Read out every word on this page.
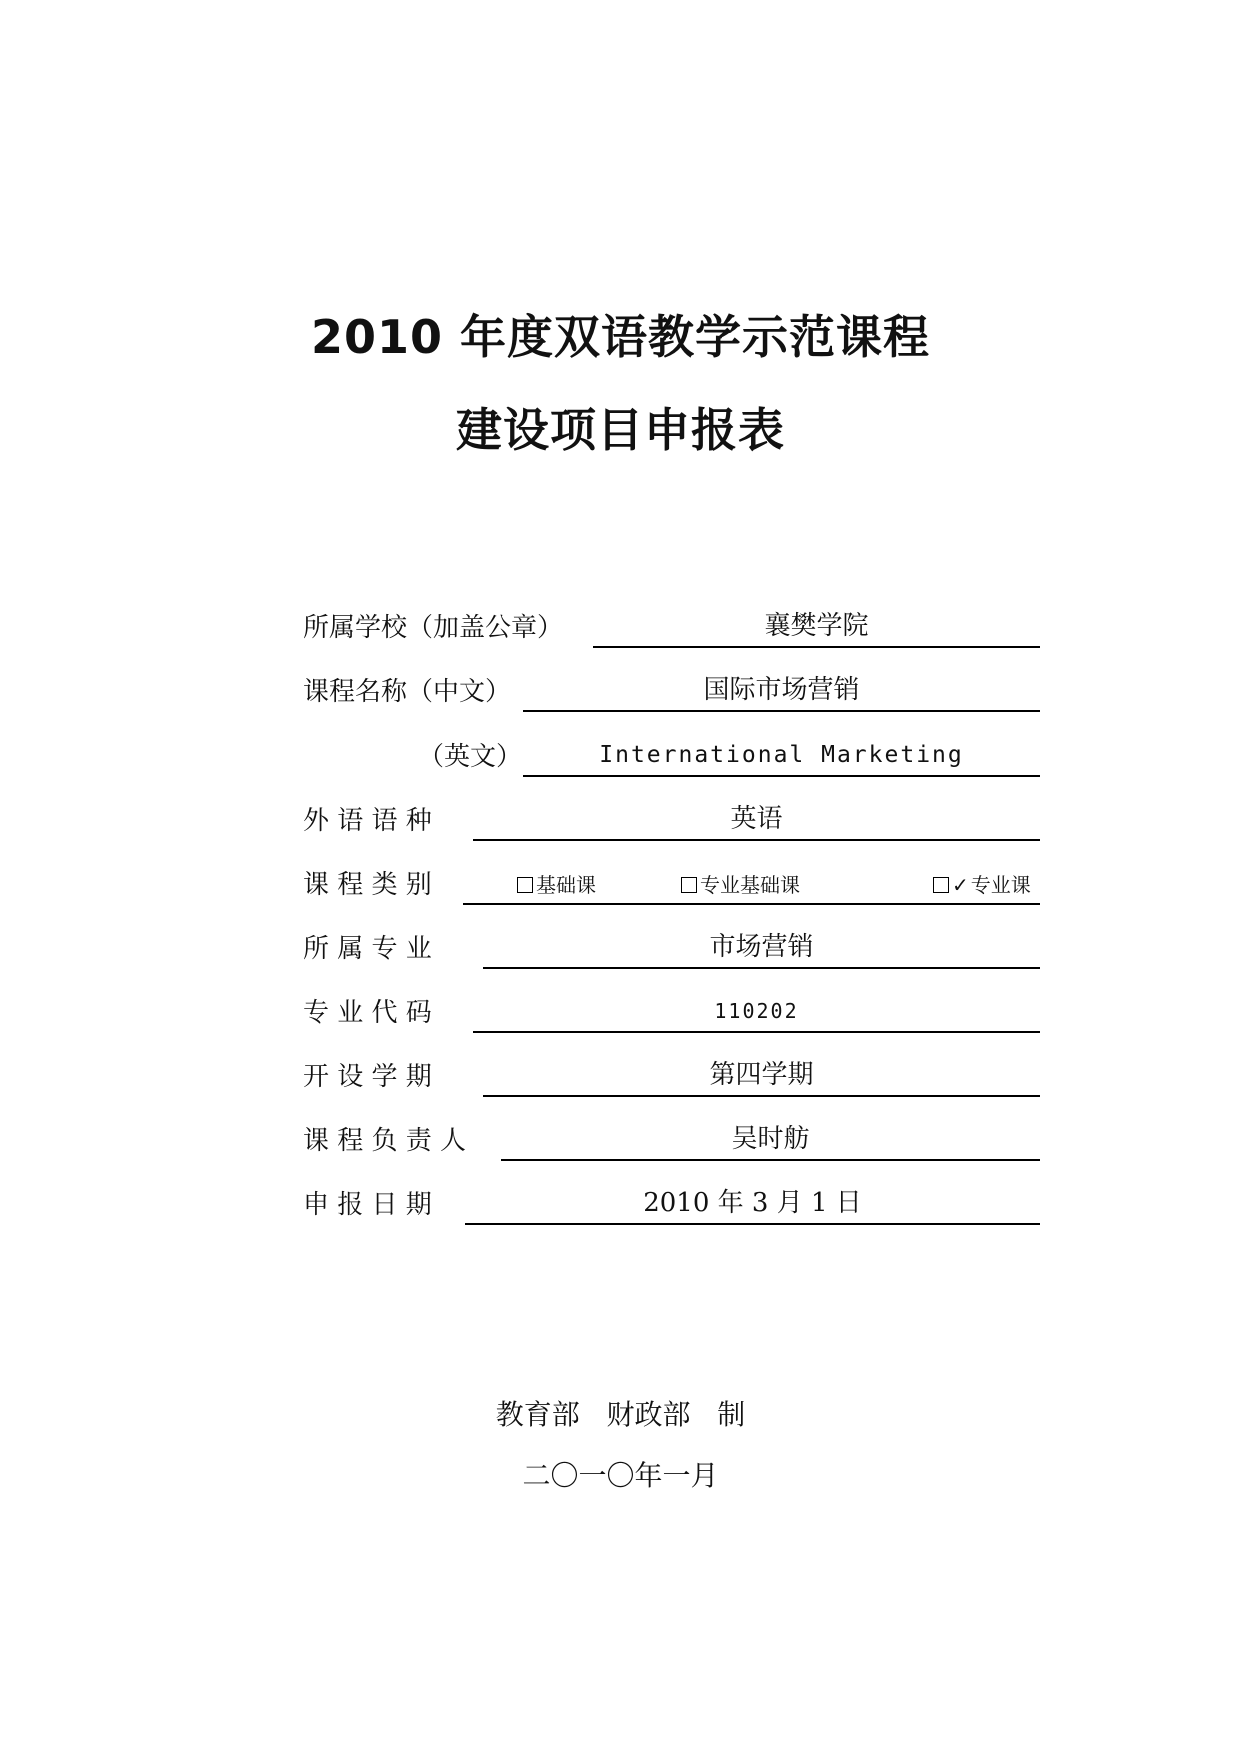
2010 年度双语教学示范课程
建设项目申报表
所属学校（加盖公章）	襄樊学院
课程名称（中文）	国际市场营销
（英文）	International Marketing
外 语 语 种	英语
课 程 类 别	基础课	专业基础课	✓ 专业课
所 属 专 业	市场营销
专 业 代 码	110202
开 设 学 期	第四学期
课 程 负 责 人	吴时舫
申 报 日 期	2010 年 3 月 1 日
教育部   财政部   制
二〇一〇年一月
